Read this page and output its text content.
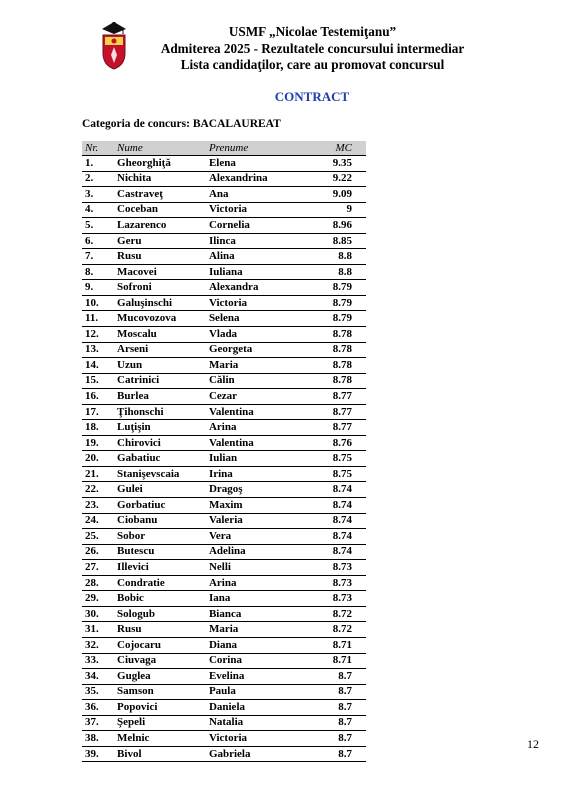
USMF „Nicolae Testemiţanu”
Admiterea 2025 - Rezultatele concursului intermediar
Lista candidaţilor, care au promovat concursul
CONTRACT
Categoria de concurs: BACALAUREAT
Nr.	Nume	Prenume	MC
1.	Gheorghiţă	Elena	9.35
2.	Nichita	Alexandrina	9.22
3.	Castraveţ	Ana	9.09
4.	Coceban	Victoria	9
5.	Lazarenco	Cornelia	8.96
6.	Geru	Ilinca	8.85
7.	Rusu	Alina	8.8
8.	Macovei	Iuliana	8.8
9.	Sofroni	Alexandra	8.79
10.	Galuşinschi	Victoria	8.79
11.	Mucovozova	Selena	8.79
12.	Moscalu	Vlada	8.78
13.	Arseni	Georgeta	8.78
14.	Uzun	Maria	8.78
15.	Catrinici	Călin	8.78
16.	Burlea	Cezar	8.77
17.	Ţihonschi	Valentina	8.77
18.	Luţişin	Arina	8.77
19.	Chirovici	Valentina	8.76
20.	Gabatiuc	Iulian	8.75
21.	Stanişevscaia	Irina	8.75
22.	Gulei	Dragoş	8.74
23.	Gorbatiuc	Maxim	8.74
24.	Ciobanu	Valeria	8.74
25.	Sobor	Vera	8.74
26.	Butescu	Adelina	8.74
27.	Illevici	Nelli	8.73
28.	Condratie	Arina	8.73
29.	Bobic	Iana	8.73
30.	Sologub	Bianca	8.72
31.	Rusu	Maria	8.72
32.	Cojocaru	Diana	8.71
33.	Ciuvaga	Corina	8.71
34.	Guglea	Evelina	8.7
35.	Samson	Paula	8.7
36.	Popovici	Daniela	8.7
37.	Şepeli	Natalia	8.7
38.	Melnic	Victoria	8.7
39.	Bivol	Gabriela	8.7
12
